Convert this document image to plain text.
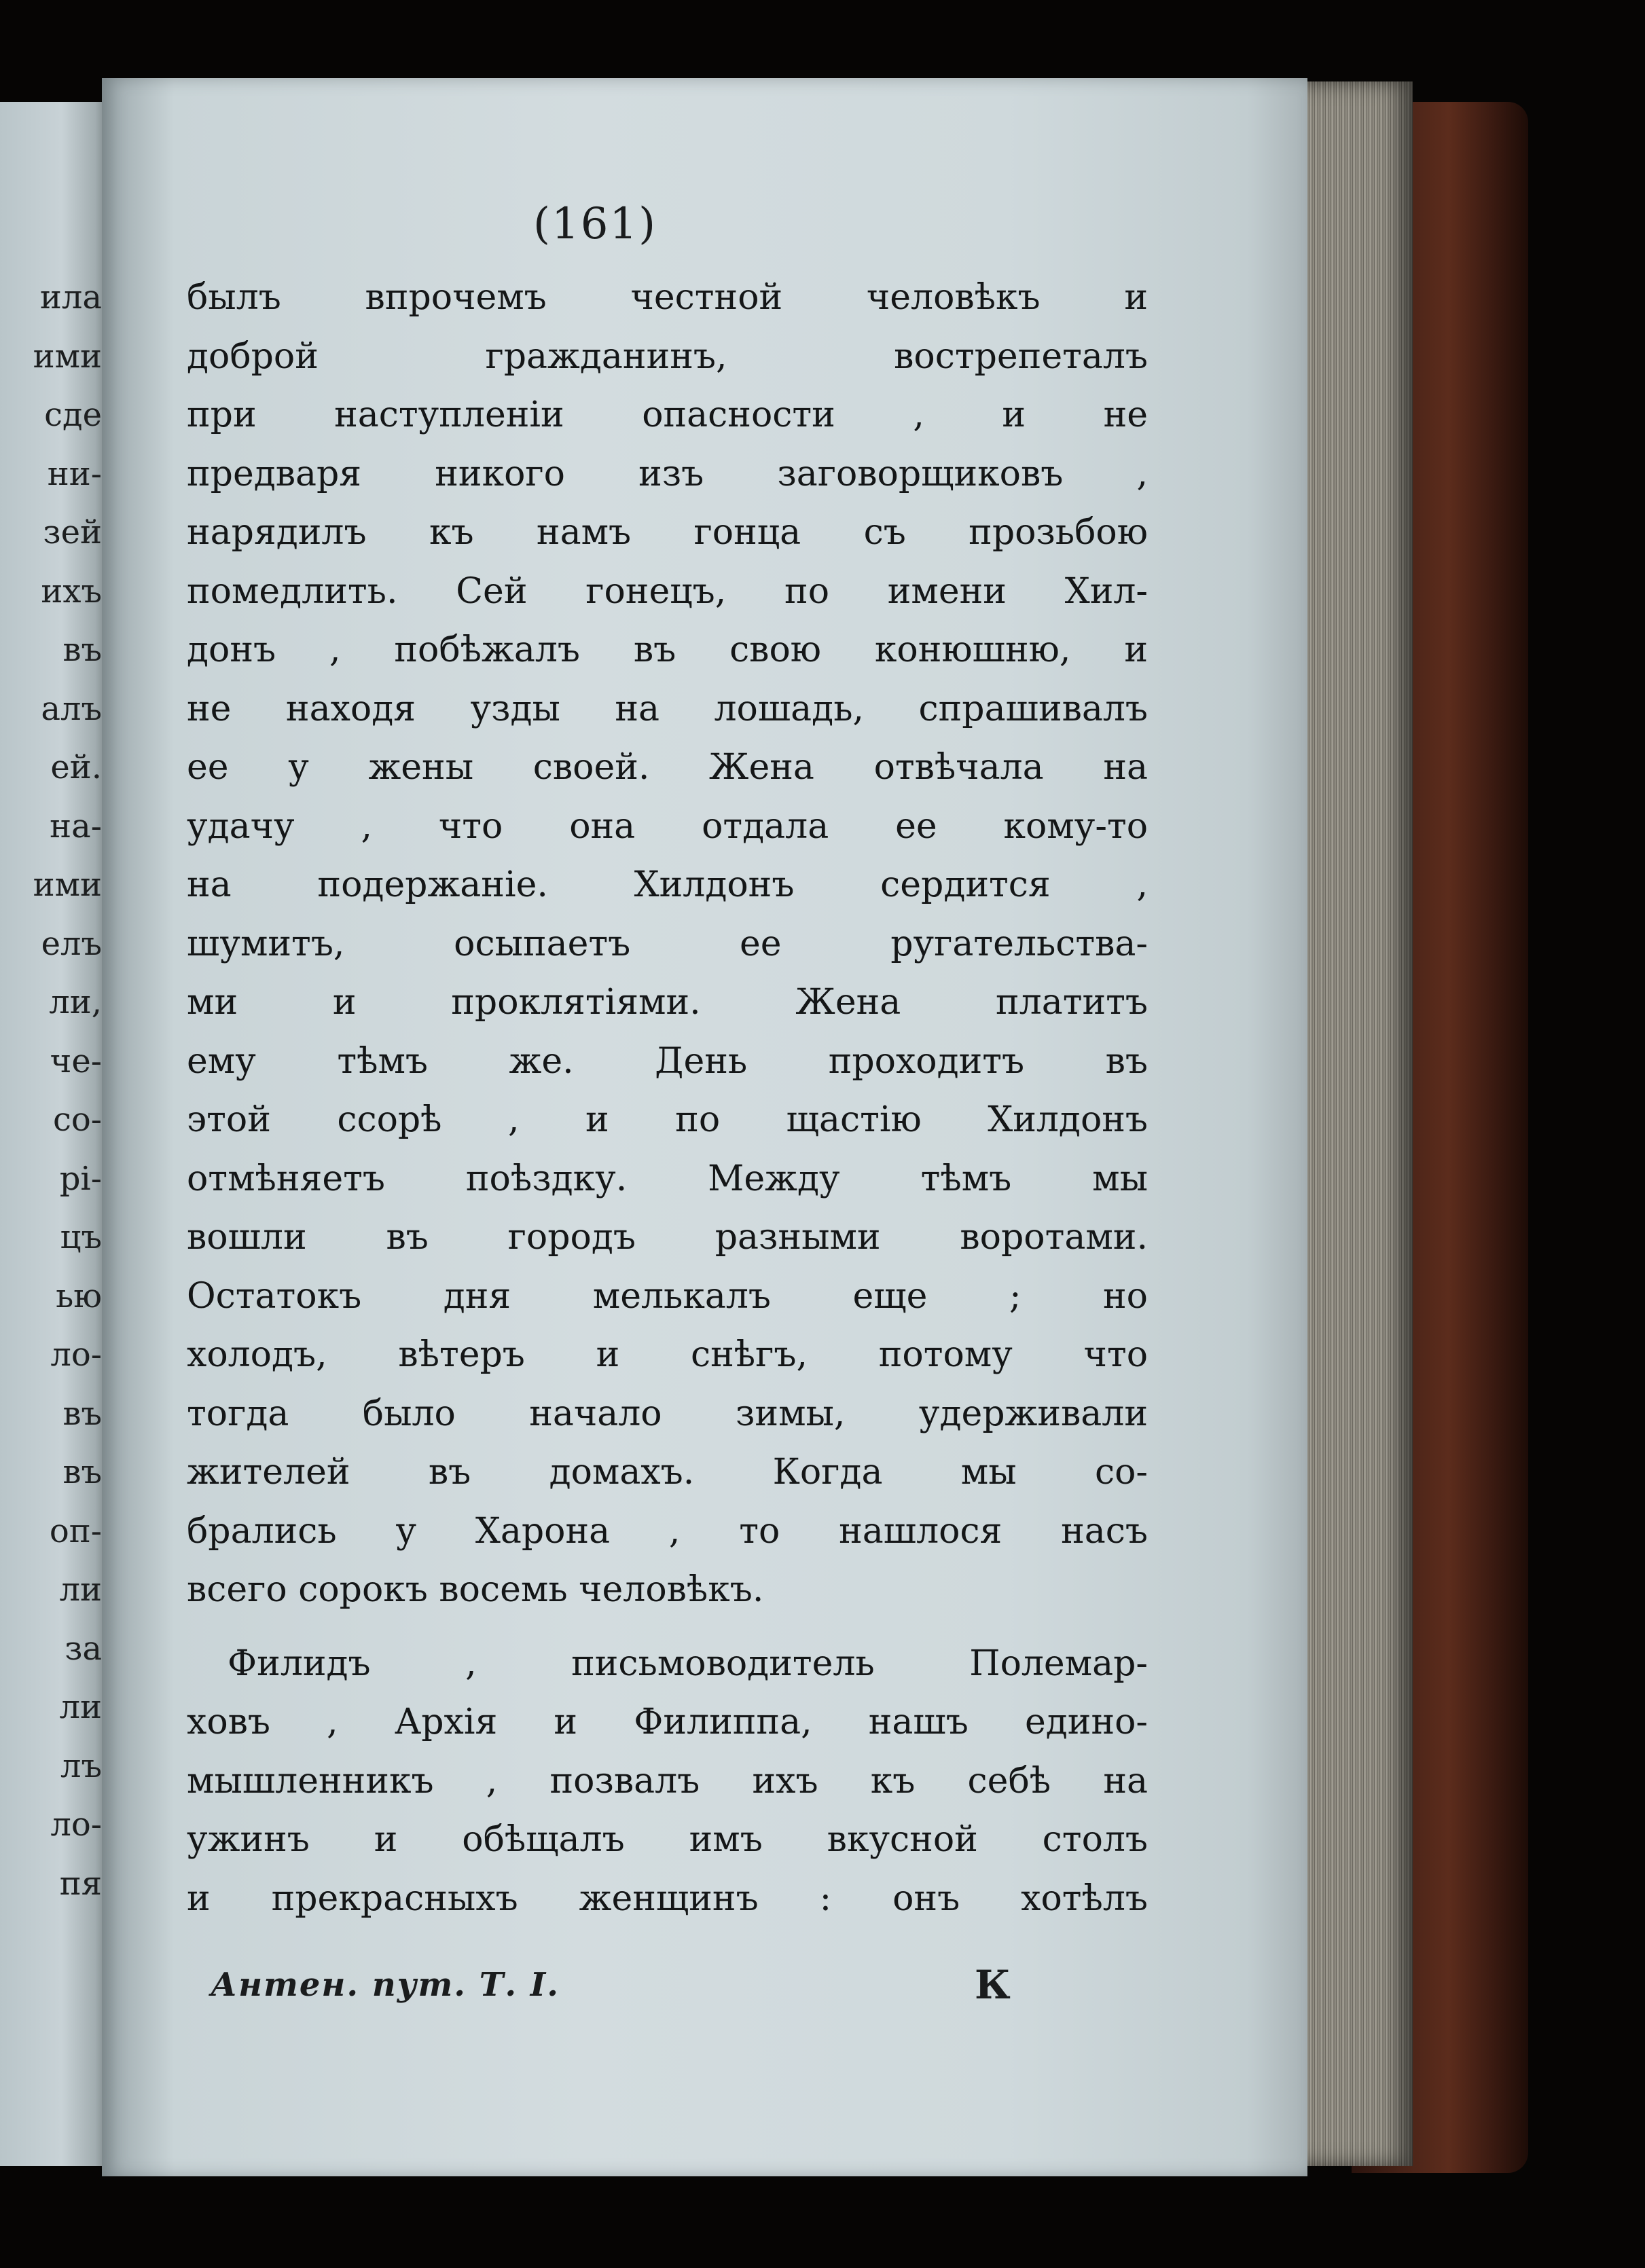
ила
ими
сде
ни-
зей
ихъ
въ
алъ
ей.
на-
ими
елъ
ли,
че-
со-
рі-
цъ
ью
ло-
въ
въ
оп-
ли
за
ли
лъ
ло-
пя
(161)
былъ впрочемъ честной человѣкъ и
доброй гражданинъ, вострепеталъ
при наступленіи опасности , и не
предваря никого изъ заговорщиковъ ,
нарядилъ къ намъ гонца съ прозьбою
помедлить. Сей гонецъ, по имени Хил-
донъ , побѣжалъ въ свою конюшню, и
не находя узды на лошадь, спрашивалъ
ее у жены своей. Жена отвѣчала на
удачу , что она отдала ее кому-то
на подержаніе. Хилдонъ сердится ,
шумитъ, осыпаетъ ее ругательства-
ми и проклятіями. Жена платитъ
ему тѣмъ же. День проходитъ въ
этой ссорѣ , и по щастію Хилдонъ
отмѣняетъ поѣздку. Между тѣмъ мы
вошли въ городъ разными воротами.
Остатокъ дня мелькалъ еще ; но
холодъ, вѣтеръ и снѣгъ, потому что
тогда было начало зимы, удерживали
жителей въ домахъ. Когда мы со-
брались у Харона , то нашлося насъ
всего сорокъ восемь человѣкъ.
Филидъ , письмоводитель Полемар-
ховъ , Архія и Филиппа, нашъ едино-
мышленникъ , позвалъ ихъ къ себѣ на
ужинъ и обѣщалъ имъ вкусной столъ
и прекрасныхъ женщинъ : онъ хотѣлъ
Антен. пут. Т. I.	К
